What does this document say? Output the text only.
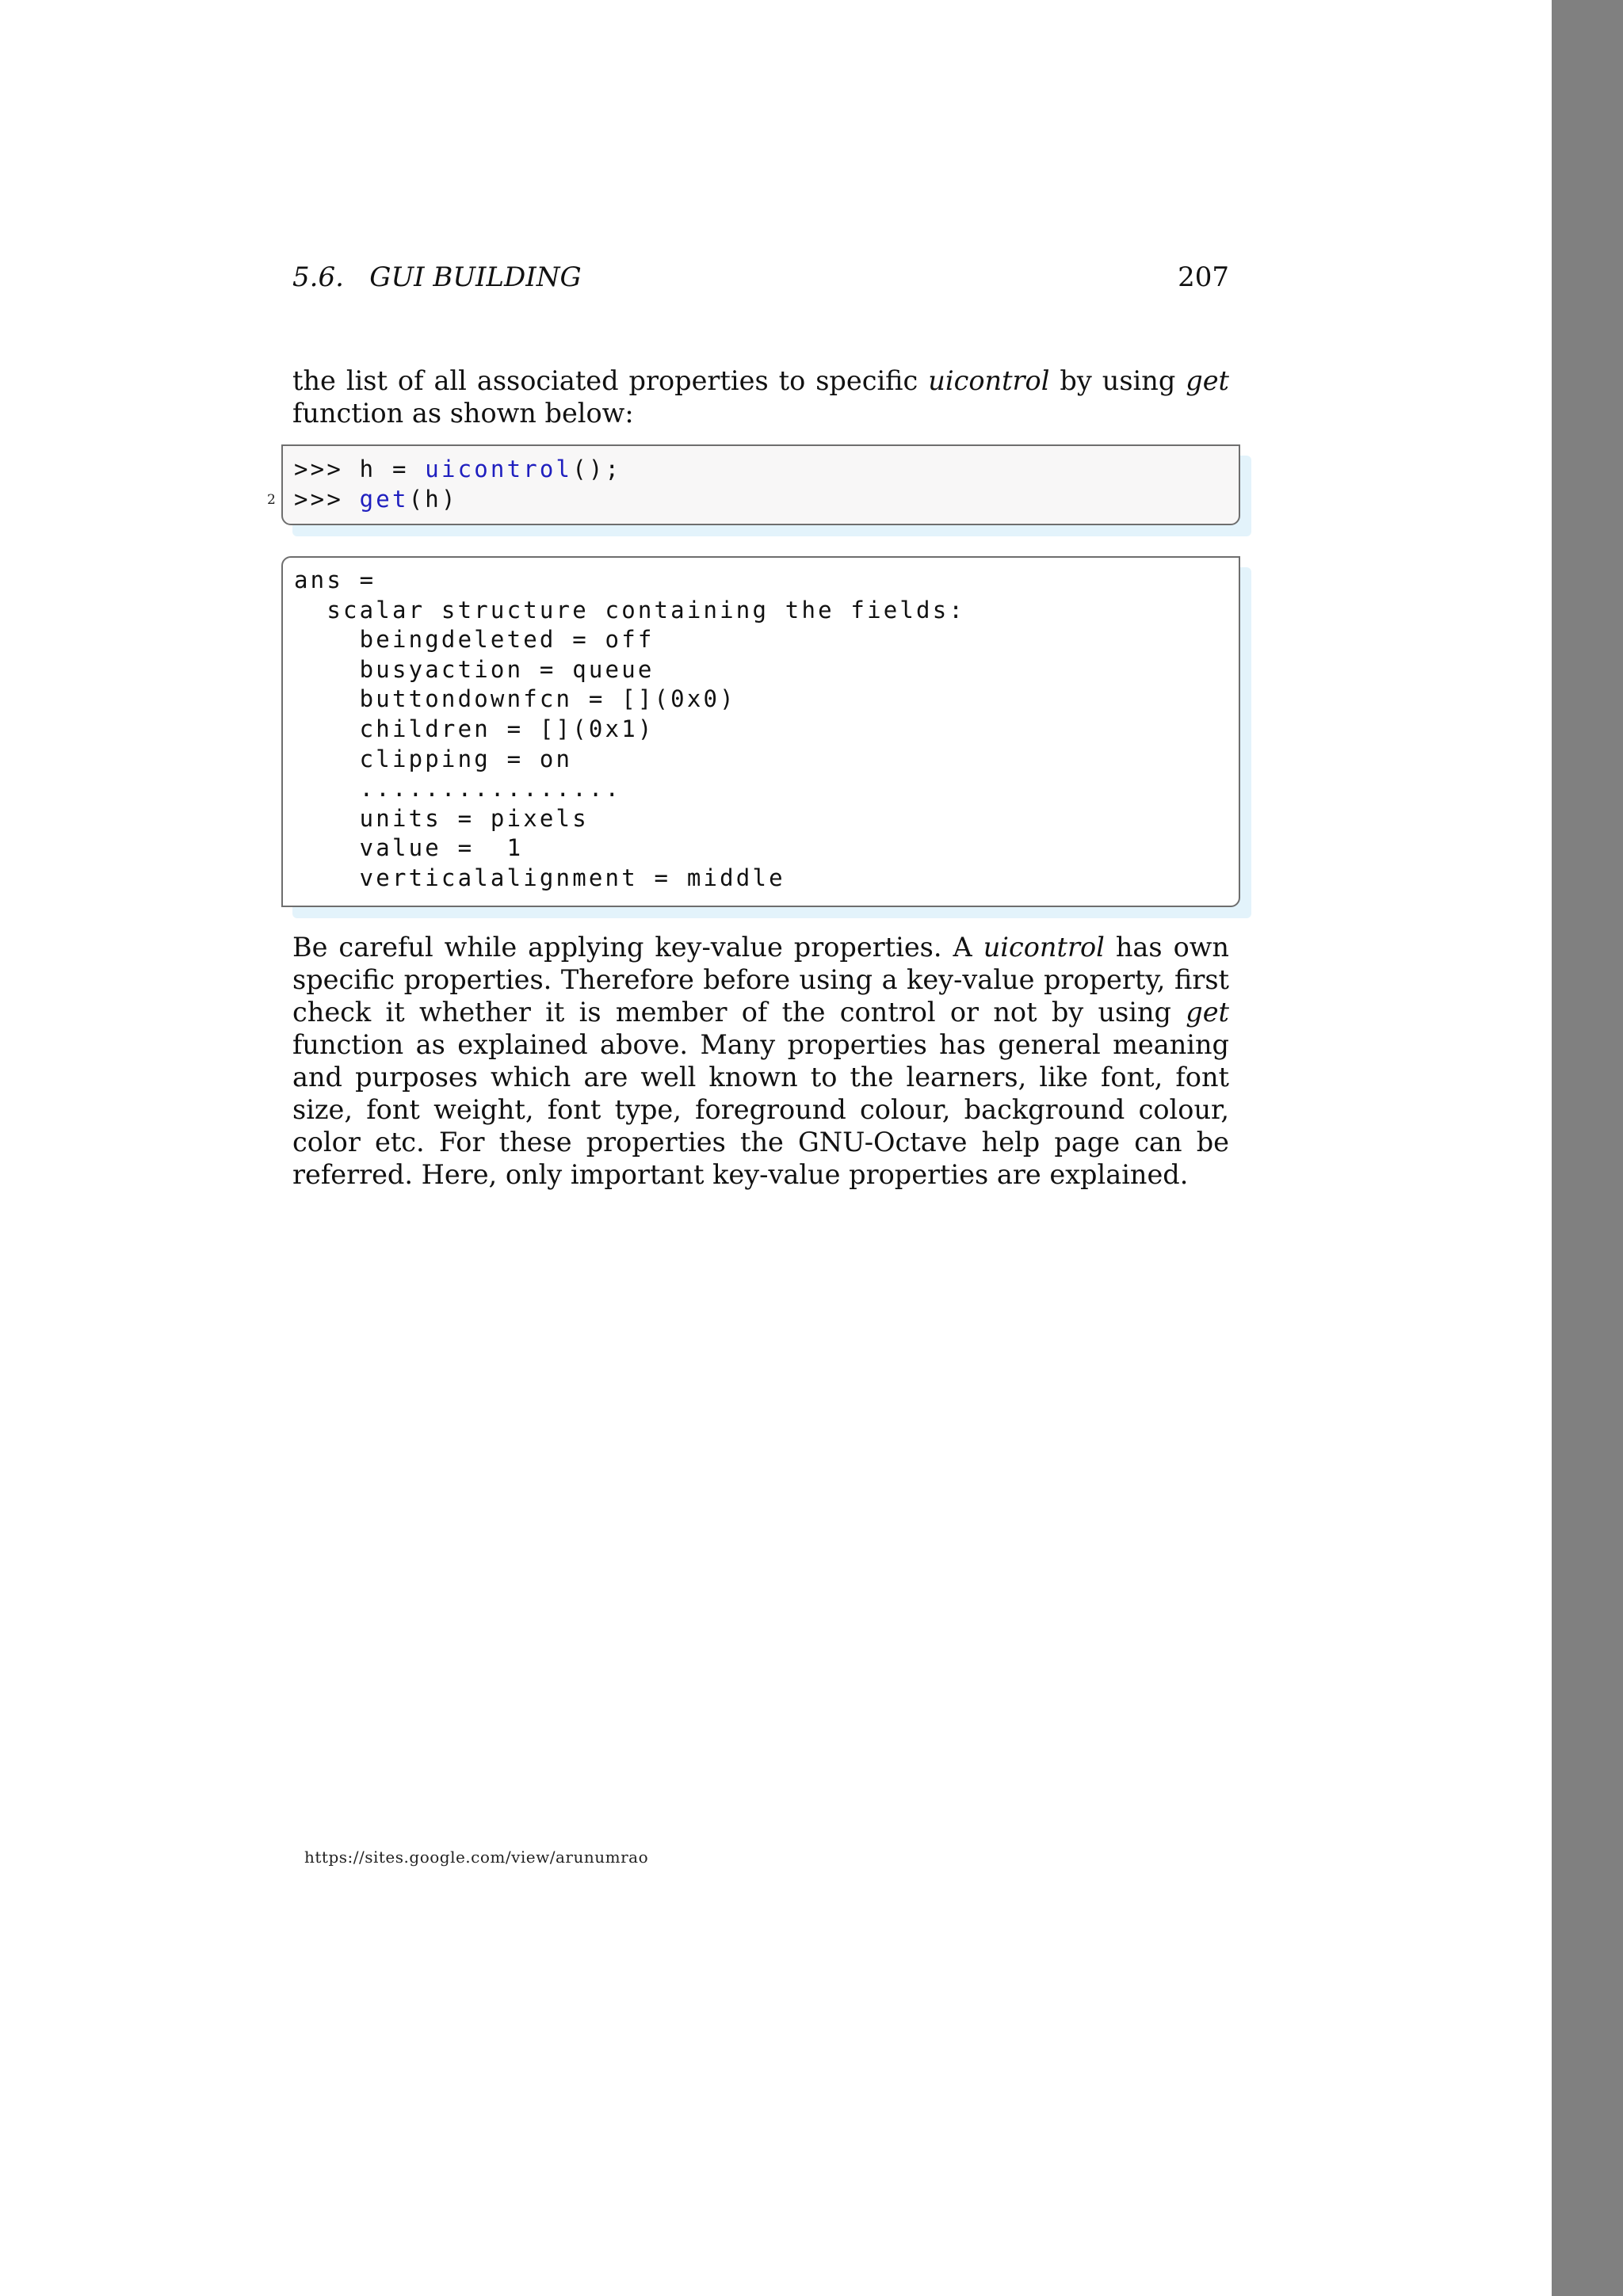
5.6.   GUI BUILDING	207

the list of all associated properties to specific uicontrol by using get function as shown below:

>>> h = uicontrol();
2 >>> get(h)
ans =
scalar structure containing the fields:
beingdeleted = off
busyaction = queue
buttondownfcn = [](0x0)
children = [](0x1)
clipping = on
................
units = pixels
value =  1
verticalalignment = middle

Be careful while applying key-value properties. A uicontrol has own specific properties. Therefore before using a key-value property, first check it whether it is member of the control or not by using get function as explained above. Many properties has general meaning and purposes which are well known to the learners, like font, font size, font weight, font type, foreground colour, background colour, color etc. For these properties the GNU-Octave help page can be referred. Here, only important key-value properties are explained.

https://sites.google.com/view/arunumrao
